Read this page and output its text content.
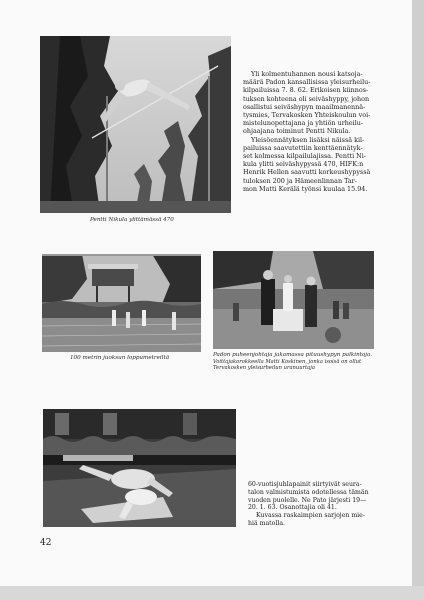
Pentti Nikula ylittämässä 470

Yli kolmentuhannen nousi katsoja-
määrä Padon kansallisissa yleisurheilu-
kilpailuissa 7. 8. 62. Erikoisen kiinnos-
tuksen kohteena oli seiväshyppy, johon
osallistui seiväshypyn maailmanennä-
tysmies, Tervakosken Yhteiskoulun voi-
mistelunopettajana ja yhtiön urheilu-
ohjaajana toiminut Pentti Nikula.

Yleisöennätyksen lisäksi näissä kil-
pailuissa saavutettiin kenttäennätyk-
set kolmessa kilpailulajissa. Pentti Ni-
kula ylitti seiväshypyssä 470, HIFK:n
Henrik Hellen saavutti korkeushypyssä
tuloksen 200 ja Hämeenlinnan Tar-
mon Matti Kerälä työnsi kuulaa 15.94.

100 metrin juoksun loppumetreiltä	Padon puheenjohtaja jakamassa pituushypyn palkintoja.
Voittajakorokkeella Matti Koskinen, jonka isoisä on ollut
Tervakosken yleisurheilun uranuurtaja
60-vuotisjuhlapainit siirtyivät seura-
talon valmistumista odotellessa tämän
vuoden puolelle. Ne Pato järjesti 19—
20. 1. 63. Osanottajia oli 41.
Kuvassa raskaimpien sarjojen mie-
hiä matolla.
42
